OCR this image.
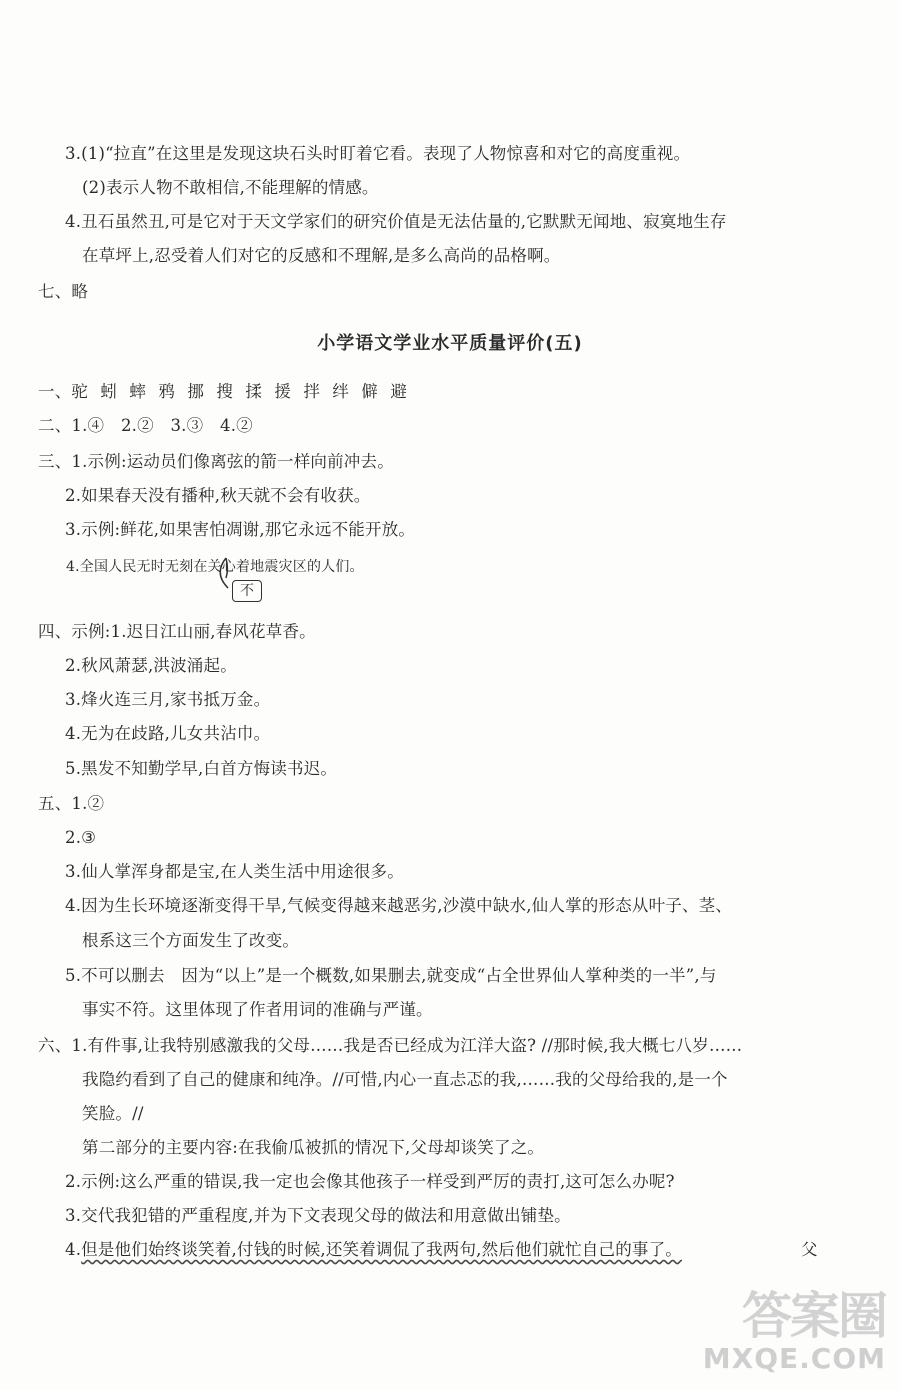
3.(1)“拉直”在这里是发现这块石头时盯着它看。表现了人物惊喜和对它的高度重视。
(2)表示人物不敢相信,不能理解的情感。
4.丑石虽然丑,可是它对于天文学家们的研究价值是无法估量的,它默默无闻地、寂寞地生存
在草坪上,忍受着人们对它的反感和不理解,是多么高尚的品格啊。
七、略
小学语文学业水平质量评价(五)
一、驼蚓蟀鸦挪搜揉援拌绊僻避
二、1.④　2.②　3.③　4.②
三、1.示例:运动员们像离弦的箭一样向前冲去。
2.如果春天没有播种,秋天就不会有收获。
3.示例:鲜花,如果害怕凋谢,那它永远不能开放。
4.全国人民无时无刻在关心着地震灾区的人们。
不
四、示例:1.迟日江山丽,春风花草香。
2.秋风萧瑟,洪波涌起。
3.烽火连三月,家书抵万金。
4.无为在歧路,儿女共沾巾。
5.黑发不知勤学早,白首方悔读书迟。
五、1.②
2.③
3.仙人掌浑身都是宝,在人类生活中用途很多。
4.因为生长环境逐渐变得干旱,气候变得越来越恶劣,沙漠中缺水,仙人掌的形态从叶子、茎、
根系这三个方面发生了改变。
5.不可以删去　因为“以上”是一个概数,如果删去,就变成“占全世界仙人掌种类的一半”,与
事实不符。这里体现了作者用词的准确与严谨。
六、1.有件事,让我特别感激我的父母……我是否已经成为江洋大盗? //那时候,我大概七八岁……
我隐约看到了自己的健康和纯净。//可惜,内心一直忐忑的我,……我的父母给我的,是一个
笑脸。//
第二部分的主要内容:在我偷瓜被抓的情况下,父母却谈笑了之。
2.示例:这么严重的错误,我一定也会像其他孩子一样受到严厉的责打,这可怎么办呢?
3.交代我犯错的严重程度,并为下文表现父母的做法和用意做出铺垫。
4.但是他们始终谈笑着,付钱的时候,还笑着调侃了我两句,然后他们就忙自己的事了。	父
答案圈
MXQE.COM
